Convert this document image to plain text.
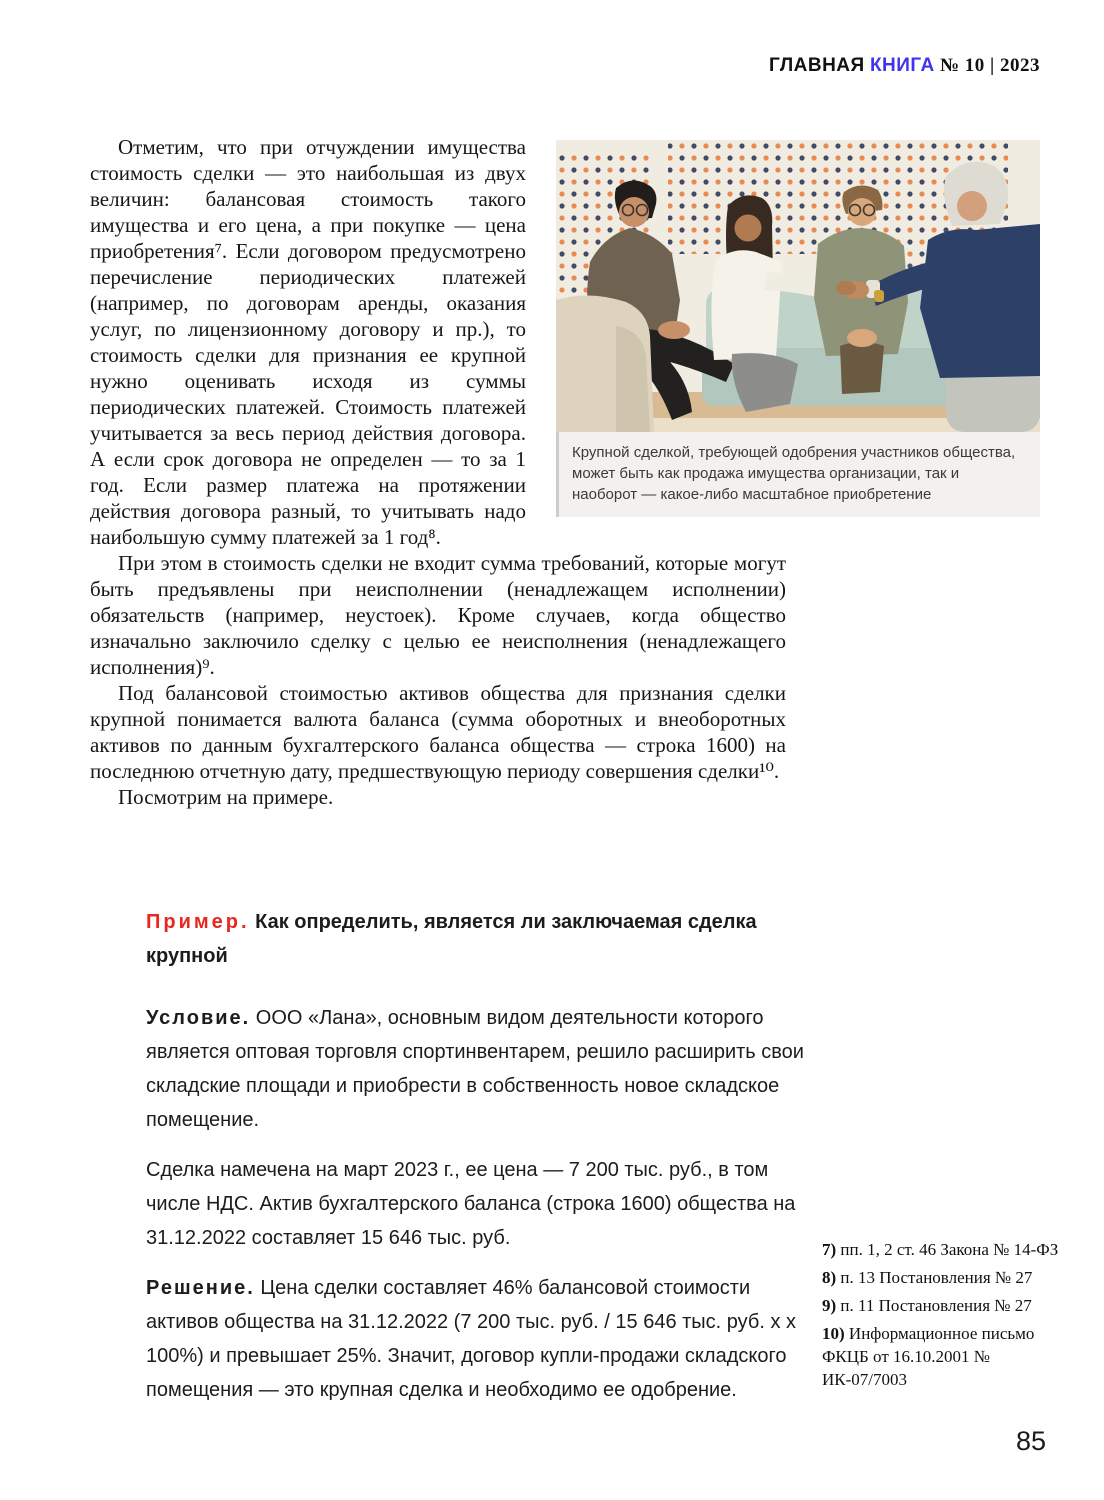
ГЛАВНАЯ КНИГА № 10 | 2023

Отметим, что при отчуждении имущества стоимость сделки — это наибольшая из двух величин: балансовая стоимость такого имущества и его цена, а при покупке — цена приобретения⁷. Если договором предусмотрено перечисление периодических платежей (например, по договорам аренды, оказания услуг, по лицензионному договору и пр.), то стоимость сделки для признания ее крупной нужно оценивать исходя из суммы периодических платежей. Стоимость платежей учитывается за весь период действия договора. А если срок договора не определен — то за 1 год. Если размер платежа на протяжении действия договора разный, то учитывать надо наибольшую сумму платежей за 1 год⁸.

При этом в стоимость сделки не входит сумма требований, которые могут быть предъявлены при неисполнении (ненадлежащем исполнении) обязательств (например, неустоек). Кроме случаев, когда общество изначально заключило сделку с целью ее неисполнения (ненадлежащего исполнения)⁹.

Под балансовой стоимостью активов общества для признания сделки крупной понимается валюта баланса (сумма оборотных и внеоборотных активов по данным бухгалтерского баланса общества — строка 1600) на последнюю отчетную дату, предшествующую периоду совершения сделки¹⁰.

Посмотрим на примере.

Крупной сделкой, требующей одобрения участников общества, может быть как продажа имущества организации, так и наоборот — какое-либо масштабное приобретение

Пример. Как определить, является ли заключаемая сделка крупной

Условие. ООО «Лана», основным видом деятельности которого является оптовая торговля спортинвентарем, решило расширить свои складские площади и приобрести в собственность новое складское помещение.

Сделка намечена на март 2023 г., ее цена — 7 200 тыс. руб., в том числе НДС. Актив бухгалтерского баланса (строка 1600) общества на 31.12.2022 составляет 15 646 тыс. руб.

Решение. Цена сделки составляет 46% балансовой стоимости активов общества на 31.12.2022 (7 200 тыс. руб. / 15 646 тыс. руб. х х 100%) и превышает 25%. Значит, договор купли-продажи складского помещения — это крупная сделка и необходимо ее одобрение.

7) пп. 1, 2 ст. 46 Закона № 14-ФЗ

8) п. 13 Постановления № 27

9) п. 11 Постановления № 27

10) Информационное письмо ФКЦБ от 16.10.2001 № ИК-07/7003

85
